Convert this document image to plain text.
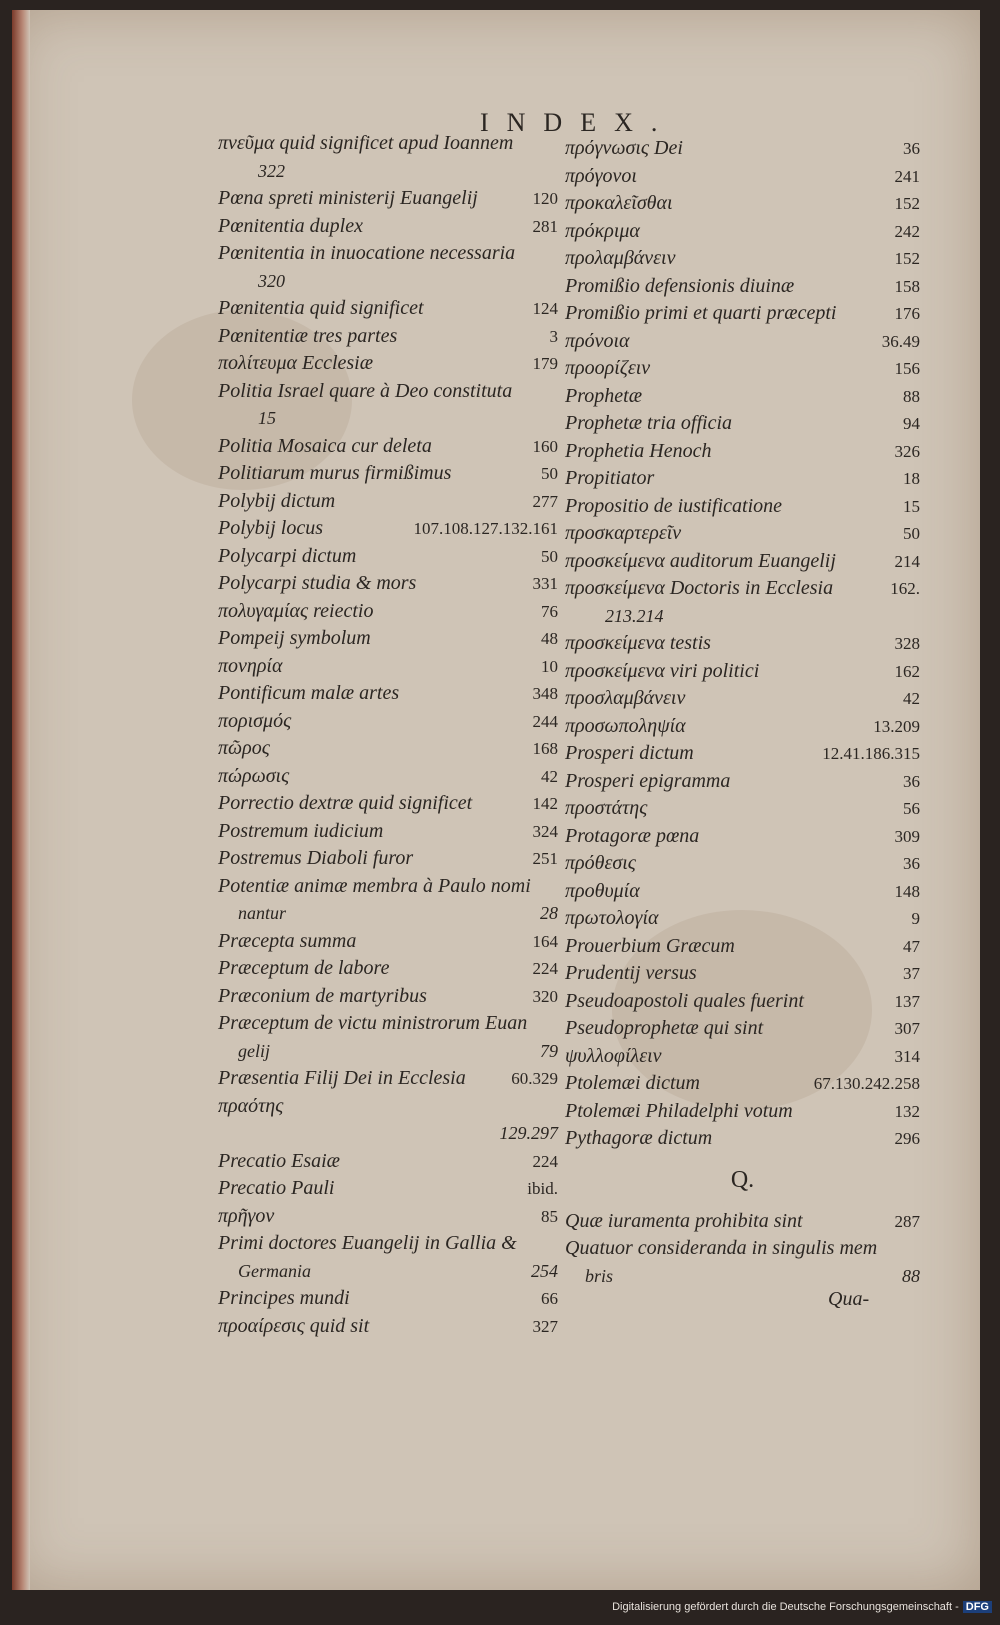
INDEX.
πνεῦμα quid significet apud Ioannem
322
Pœna spreti ministerij Euangelij	120
Pœnitentia duplex	281
Pœnitentia in inuocatione necessaria
320
Pœnitentia quid significet	124
Pœnitentiæ tres partes	3
πολίτευμα Ecclesiæ	179
Politia Israel quare à Deo constituta
15
Politia Mosaica cur deleta	160
Politiarum murus firmißimus	50
Polybij dictum	277
Polybij locus	107.108.127.132.161
Polycarpi dictum	50
Polycarpi studia & mors	331
πολυγαμίας reiectio	76
Pompeij symbolum	48
πονηρία	10
Pontificum malæ artes	348
πορισμός	244
πῶρος	168
πώρωσις	42
Porrectio dextræ quid significet	142
Postremum iudicium	324
Postremus Diaboli furor	251
Potentiæ animæ membra à Paulo nomi
nantur	28
Præcepta summa	164
Præceptum de labore	224
Præconium de martyribus	320
Præceptum de victu ministrorum Euan
gelij	79
Præsentia Filij Dei in Ecclesia	60.329
πραότης
129.297
Precatio Esaiæ	224
Precatio Pauli	ibid.
πρῆγον	85
Primi doctores Euangelij in Gallia &
Germania	254
Principes mundi	66
προαίρεσις quid sit	327
πρόγνωσις Dei	36
πρόγονοι	241
προκαλεῖσθαι	152
πρόκριμα	242
προλαμβάνειν	152
Promißio defensionis diuinæ	158
Promißio primi et quarti præcepti	176
πρόνοια	36.49
προορίζειν	156
Prophetæ	88
Prophetæ tria officia	94
Prophetia Henoch	326
Propitiator	18
Propositio de iustificatione	15
προσκαρτερεῖν	50
προσκείμενα auditorum Euangelij	214
προσκείμενα Doctoris in Ecclesia	162.
213.214
προσκείμενα testis	328
προσκείμενα viri politici	162
προσλαμβάνειν	42
προσωποληψία	13.209
Prosperi dictum	12.41.186.315
Prosperi epigramma	36
προστάτης	56
Protagoræ pœna	309
πρόθεσις	36
προθυμία	148
πρωτολογία	9
Prouerbium Græcum	47
Prudentij versus	37
Pseudoapostoli quales fuerint	137
Pseudoprophetæ qui sint	307
ψυλλοφίλειν	314
Ptolemæi dictum	67.130.242.258
Ptolemæi Philadelphi votum	132
Pythagoræ dictum	296
Q.
Quæ iuramenta prohibita sint	287
Quatuor consideranda in singulis mem
bris	88
Qua-
Digitalisierung gefördert durch die Deutsche Forschungsgemeinschaft - DFG
